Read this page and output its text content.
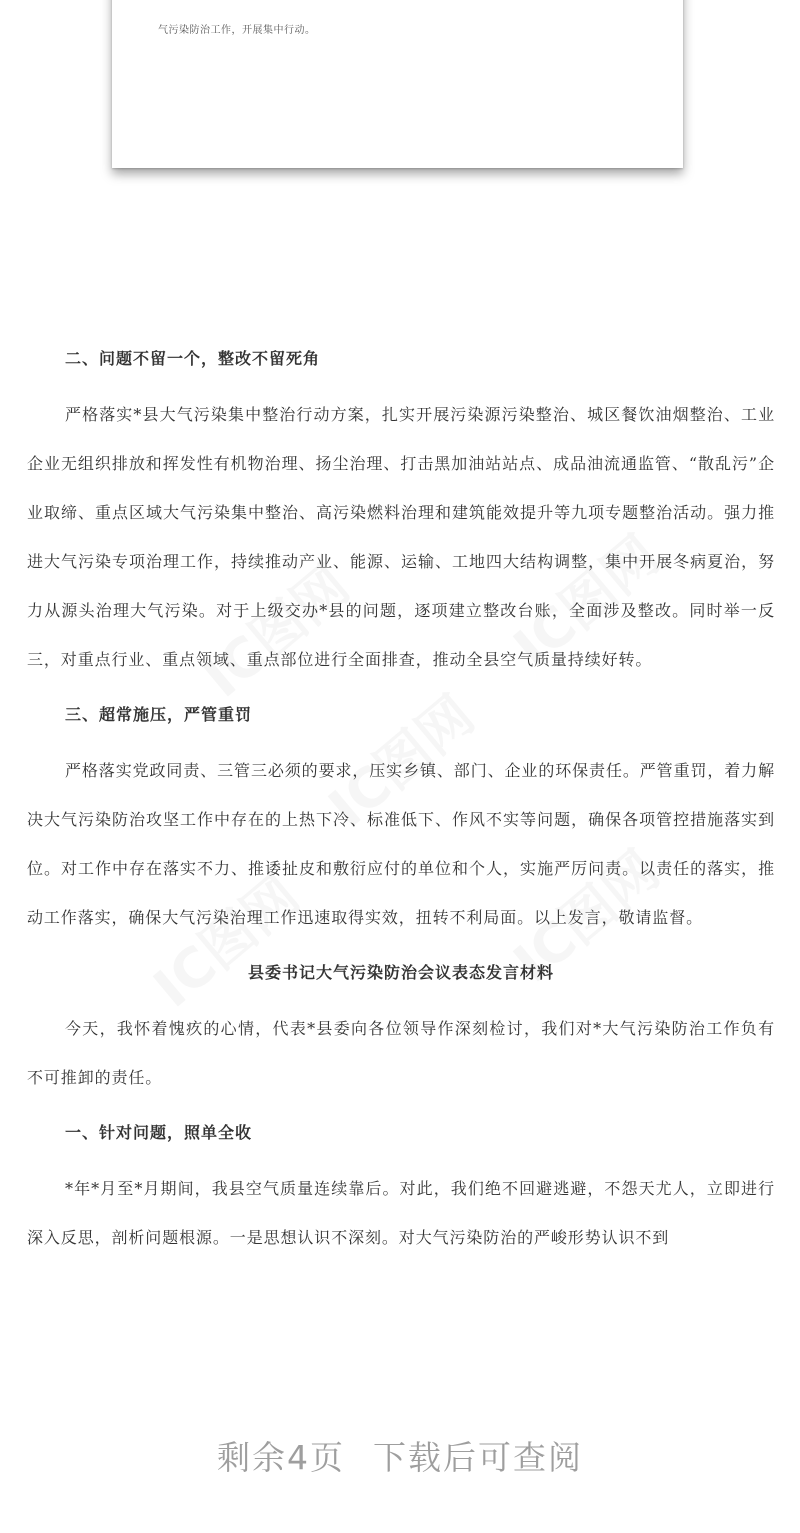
气污染防治工作，开展集中行动。
IC图网	IC图网
IC图网
IC图网	IC图网

二、问题不留一个，整改不留死角

严格落实*县大气污染集中整治行动方案，扎实开展污染源污染整治、城区餐饮油烟整治、工业企业无组织排放和挥发性有机物治理、扬尘治理、打击黑加油站站点、成品油流通监管、“散乱污”企业取缔、重点区域大气污染集中整治、高污染燃料治理和建筑能效提升等九项专题整治活动。强力推进大气污染专项治理工作，持续推动产业、能源、运输、工地四大结构调整，集中开展冬病夏治，努力从源头治理大气污染。对于上级交办*县的问题，逐项建立整改台账，全面涉及整改。同时举一反三，对重点行业、重点领域、重点部位进行全面排查，推动全县空气质量持续好转。

三、超常施压，严管重罚

严格落实党政同责、三管三必须的要求，压实乡镇、部门、企业的环保责任。严管重罚，着力解决大气污染防治攻坚工作中存在的上热下冷、标准低下、作风不实等问题，确保各项管控措施落实到位。对工作中存在落实不力、推诿扯皮和敷衍应付的单位和个人，实施严厉问责。以责任的落实，推动工作落实，确保大气污染治理工作迅速取得实效，扭转不利局面。以上发言，敬请监督。

县委书记大气污染防治会议表态发言材料

今天，我怀着愧疚的心情，代表*县委向各位领导作深刻检讨，我们对*大气污染防治工作负有不可推卸的责任。

一、针对问题，照单全收

*年*月至*月期间，我县空气质量连续靠后。对此，我们绝不回避逃避，不怨天尤人，立即进行深入反思，剖析问题根源。一是思想认识不深刻。对大气污染防治的严峻形势认识不到

剩余4页 下载后可查阅
